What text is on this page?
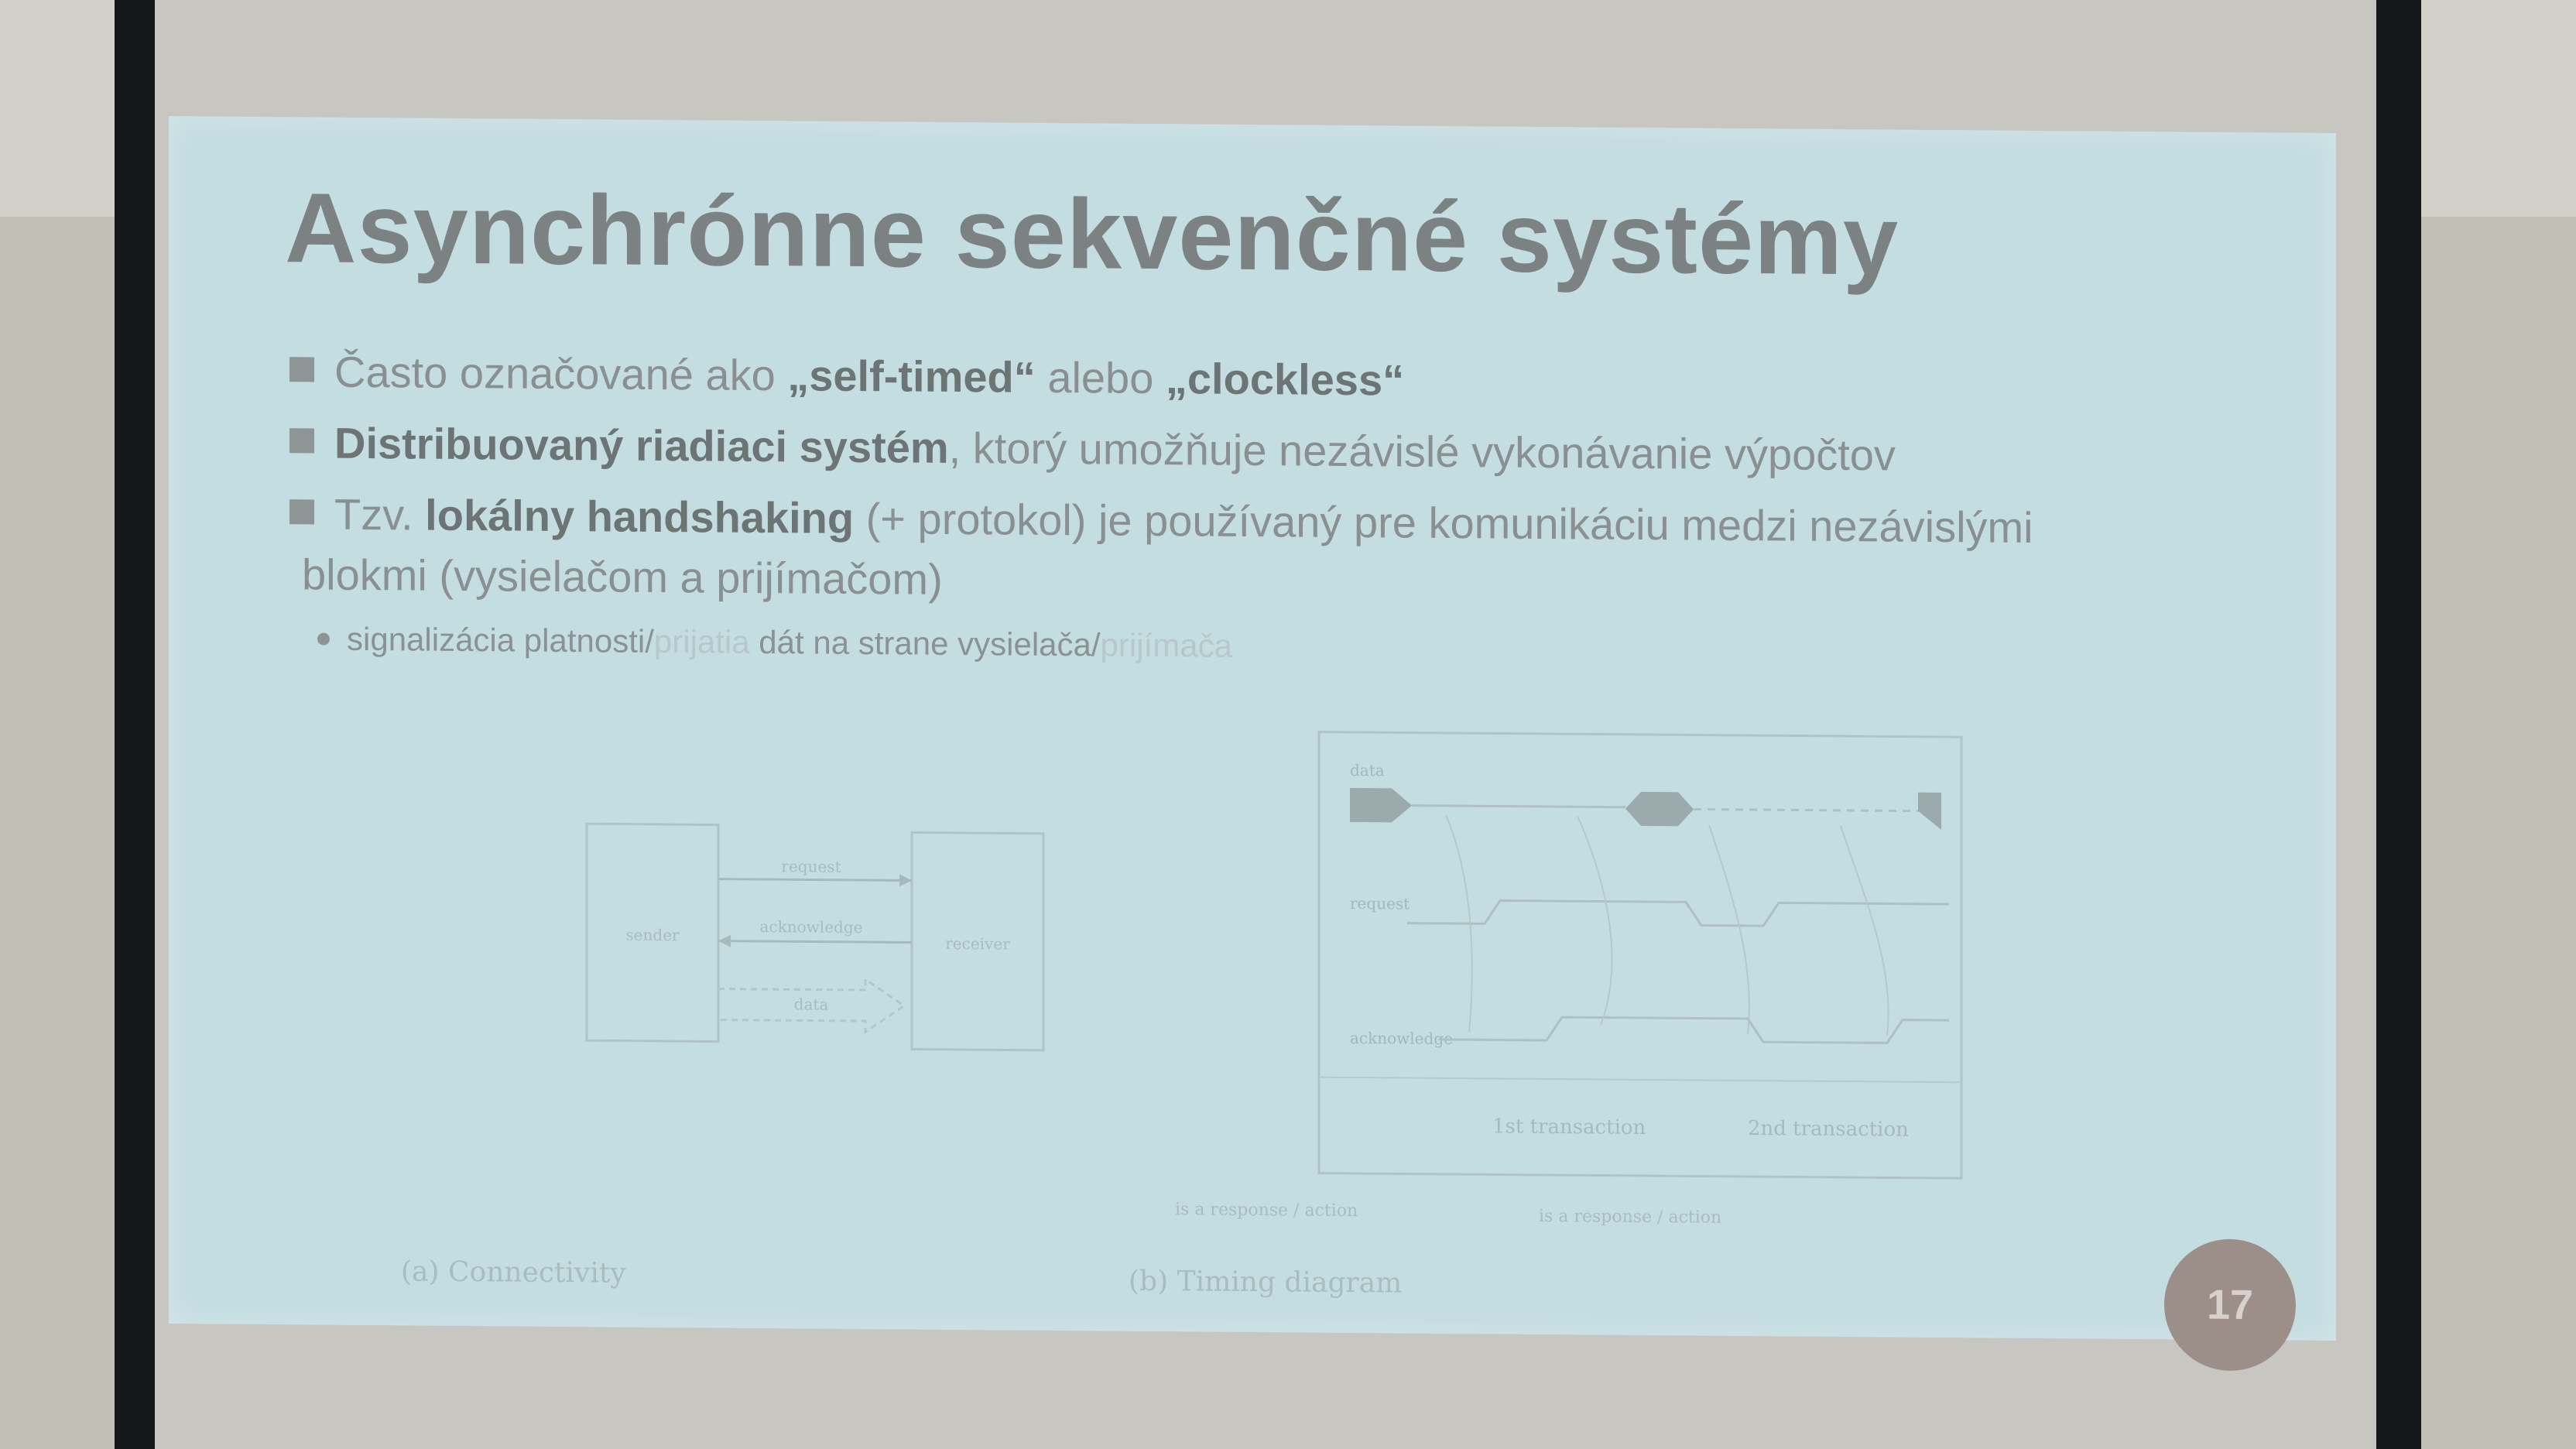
Asynchrónne sekvenčné systémy
Často označované ako „self-timed“ alebo „clockless“
Distribuovaný riadiaci systém, ktorý umožňuje nezávislé vykonávanie výpočtov
Tzv. lokálny handshaking (+ protokol) je používaný pre komunikáciu medzi nezávislými
blokmi (vysielačom a prijímačom)
signalizácia platnosti/prijatia dát na strane vysielača/prijímača
sender	receiver
request
acknowledge
data
data
request
acknowledge
1st transaction	2nd transaction
(a) Connectivity	(b) Timing diagram
is a response / action	is a response / action
17
